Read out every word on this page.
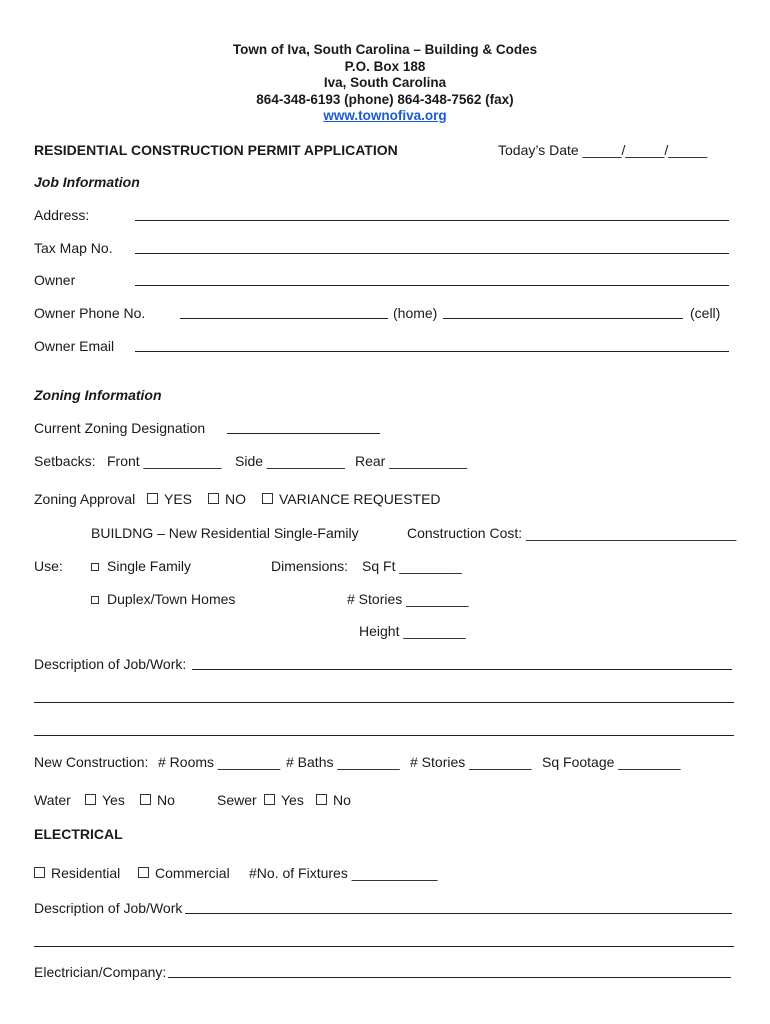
Town of Iva, South Carolina – Building & Codes
P.O. Box 188
Iva, South Carolina
864-348-6193 (phone) 864-348-7562 (fax)
www.townofiva.org
RESIDENTIAL CONSTRUCTION PERMIT APPLICATION	Today’s Date _____/_____/_____
Job Information
Address:
Tax Map No.
Owner
Owner Phone No.	(home)	(cell)
Owner Email
Zoning Information
Current Zoning Designation
Setbacks: Front __________ Side __________ Rear __________
Zoning Approval	YES	NO	VARIANCE REQUESTED
BUILDNG – New Residential Single-Family	Construction Cost: ___________________________
Use:	Single Family	Dimensions: Sq Ft ________
Duplex/Town Homes	# Stories ________
Height ________
Description of Job/Work:
New Construction: # Rooms ________ # Baths ________ # Stories ________ Sq Footage ________
Water	Yes	No	Sewer	Yes	No
ELECTRICAL
Residential	Commercial #No. of Fixtures ___________
Description of Job/Work
Electrician/Company:
